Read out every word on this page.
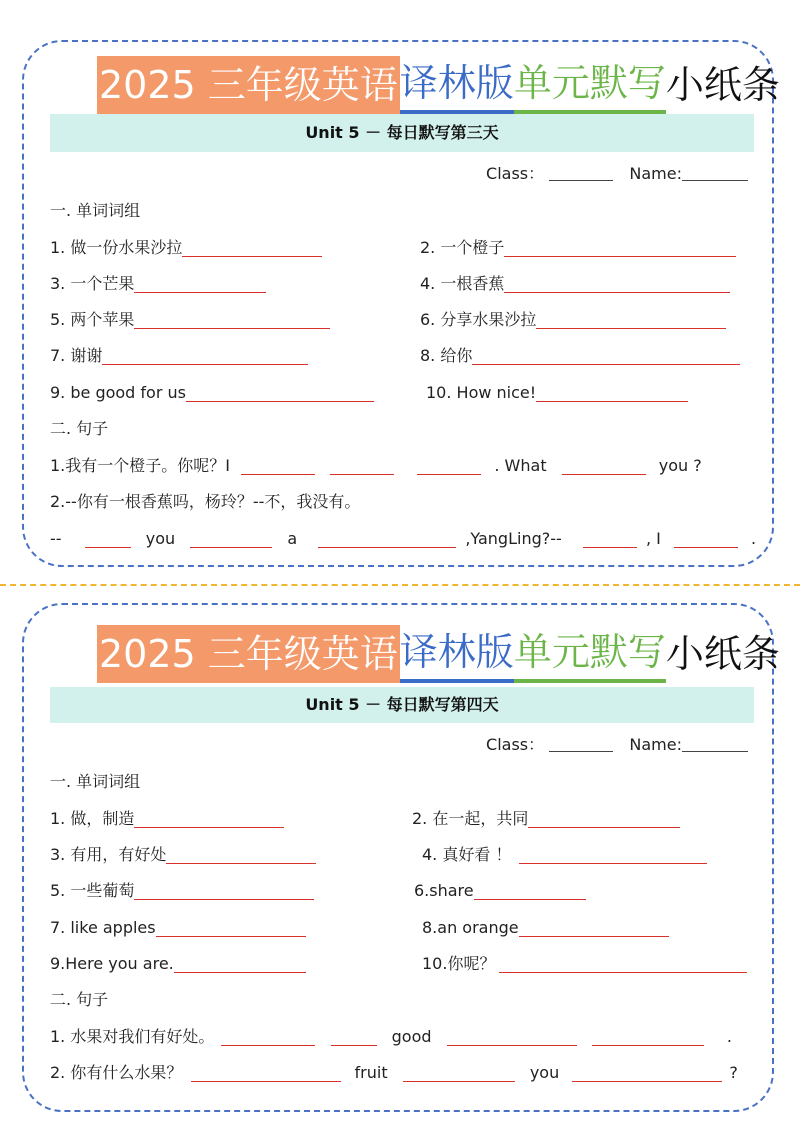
2025 三年级英语 译林版 单元默写 小纸条
Unit 5 － 每日默写第三天
Class：	Name:
一. 单词词组
1. 做一份水果沙拉	2. 一个橙子
3. 一个芒果	4. 一根香蕉
5. 两个苹果	6. 分享水果沙拉
7. 谢谢	8. 给你
9. be good for us	10. How nice!
二. 句子
1.我有一个橙子。你呢？I	. What	you ?
2.--你有一根香蕉吗，杨玲？--不，我没有。
--	you	a	,YangLing?--	, I	.
2025 三年级英语 译林版 单元默写 小纸条
Unit 5 － 每日默写第四天
Class：	Name:
一. 单词词组
1. 做，制造	2. 在一起，共同
3. 有用，有好处	4. 真好看 ！
5. 一些葡萄	6.share
7. like apples	8.an orange
9.Here you are.	10.你呢？
二. 句子
1. 水果对我们有好处。	good	.
2. 你有什么水果？	fruit	you	?
